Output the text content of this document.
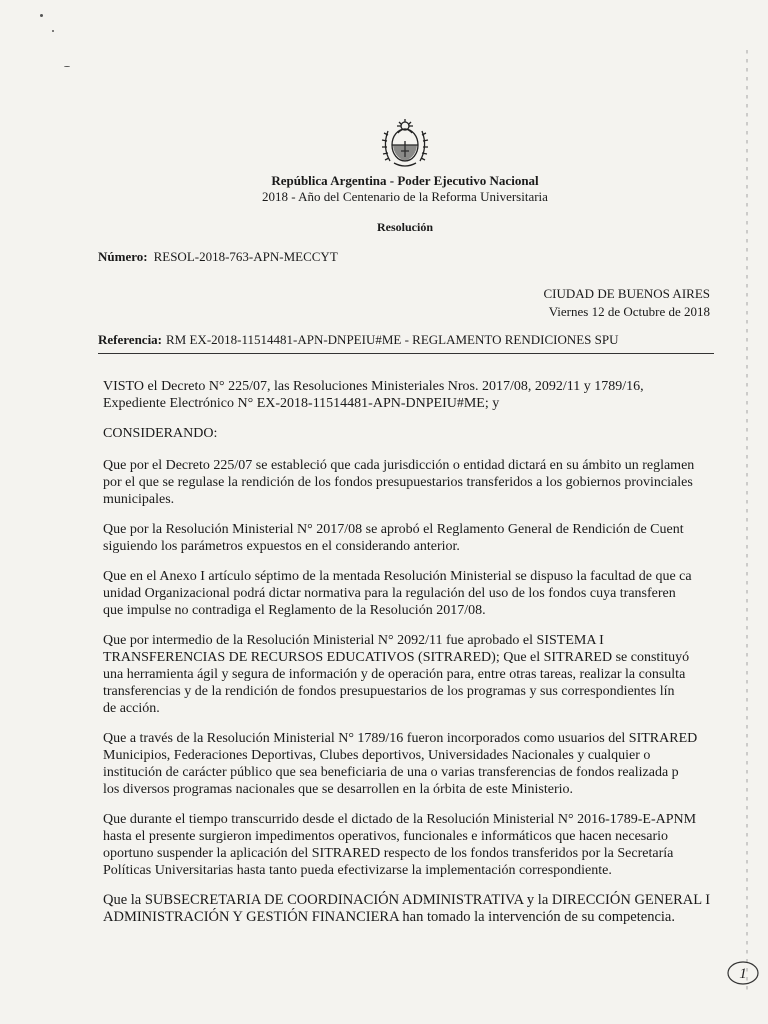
República Argentina - Poder Ejecutivo Nacional
2018 - Año del Centenario de la Reforma Universitaria
Resolución
Número: RESOL-2018-763-APN-MECCYT
CIUDAD DE BUENOS AIRES
Viernes 12 de Octubre de 2018
Referencia: RM EX-2018-11514481-APN-DNPEIU#ME - REGLAMENTO RENDICIONES SPU

VISTO el Decreto N° 225/07, las Resoluciones Ministeriales Nros. 2017/08, 2092/11 y 1789/16,
Expediente Electrónico N° EX-2018-11514481-APN-DNPEIU#ME; y

CONSIDERANDO:

Que por el Decreto 225/07 se estableció que cada jurisdicción o entidad dictará en su ámbito un reglamen
por el que se regulase la rendición de los fondos presupuestarios transferidos a los gobiernos provinciales
municipales.

Que por la Resolución Ministerial N° 2017/08 se aprobó el Reglamento General de Rendición de Cuent
siguiendo los parámetros expuestos en el considerando anterior.

Que en el Anexo I artículo séptimo de la mentada Resolución Ministerial se dispuso la facultad de que ca
unidad Organizacional podrá dictar normativa para la regulación del uso de los fondos cuya transferen
que impulse no contradiga el Reglamento de la Resolución 2017/08.

Que por intermedio de la Resolución Ministerial N° 2092/11 fue aprobado el SISTEMA I
TRANSFERENCIAS DE RECURSOS EDUCATIVOS (SITRARED); Que el SITRARED se constituyó
una herramienta ágil y segura de información y de operación para, entre otras tareas, realizar la consulta
transferencias y de la rendición de fondos presupuestarios de los programas y sus correspondientes lín
de acción.

Que a través de la Resolución Ministerial N° 1789/16 fueron incorporados como usuarios del SITRARED
Municipios, Federaciones Deportivas, Clubes deportivos, Universidades Nacionales y cualquier o
institución de carácter público que sea beneficiaria de una o varias transferencias de fondos realizada p
los diversos programas nacionales que se desarrollen en la órbita de este Ministerio.

Que durante el tiempo transcurrido desde el dictado de la Resolución Ministerial N° 2016-1789-E-APNM
hasta el presente surgieron impedimentos operativos, funcionales e informáticos que hacen necesario
oportuno suspender la aplicación del SITRARED respecto de los fondos transferidos por la Secretaría
Políticas Universitarias hasta tanto pueda efectivizarse la implementación correspondiente.

Que la SUBSECRETARIA DE COORDINACIÓN ADMINISTRATIVA y la DIRECCIÓN GENERAL I
ADMINISTRACIÓN Y GESTIÓN FINANCIERA han tomado la intervención de su competencia.

1
